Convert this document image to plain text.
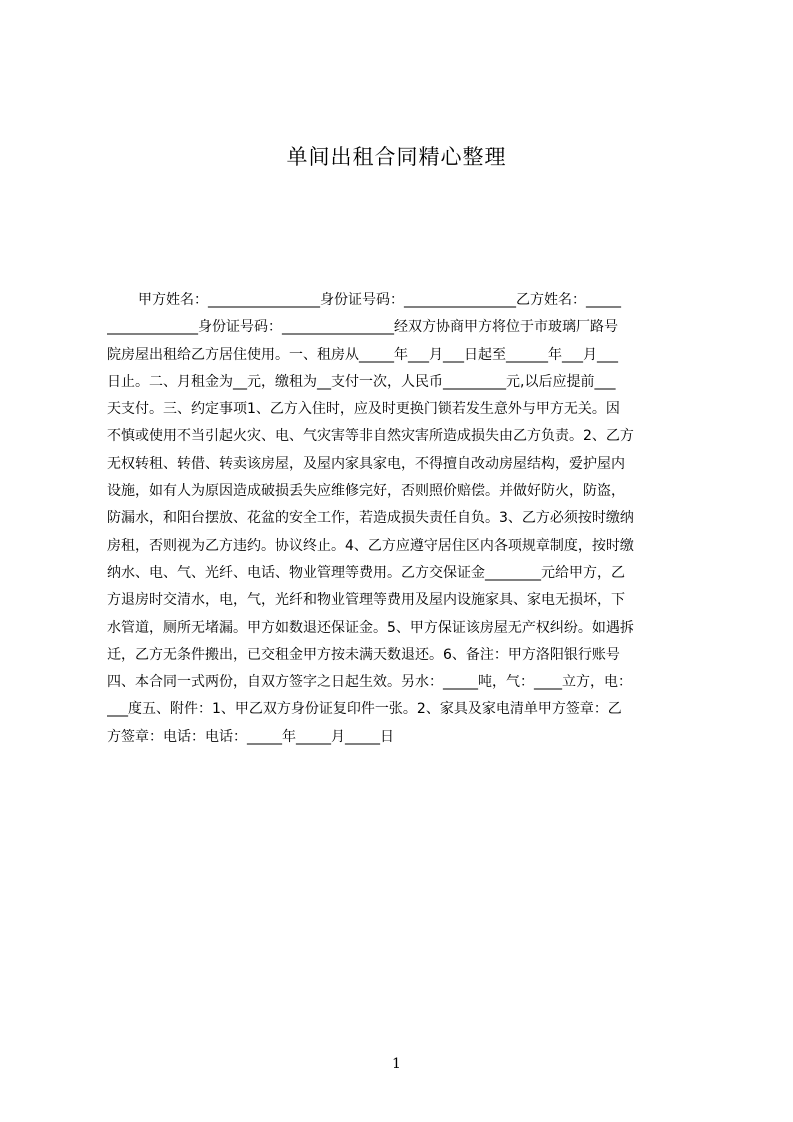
单间出租合同精心整理
甲方姓名：________________身份证号码：________________乙方姓名：_____
_____________身份证号码：________________经双方协商甲方将位于市玻璃厂路号
院房屋出租给乙方居住使用。一、租房从_____年___月___日起至______年___月___
日止。二、月租金为__元，缴租为__支付一次，人民币_________元,以后应提前___
天支付。三、约定事项1、乙方入住时，应及时更换门锁若发生意外与甲方无关。因
不慎或使用不当引起火灾、电、气灾害等非自然灾害所造成损失由乙方负责。2、乙方
无权转租、转借、转卖该房屋，及屋内家具家电，不得擅自改动房屋结构，爱护屋内
设施，如有人为原因造成破损丢失应维修完好，否则照价赔偿。并做好防火，防盗，
防漏水，和阳台摆放、花盆的安全工作，若造成损失责任自负。3、乙方必须按时缴纳
房租，否则视为乙方违约。协议终止。4、乙方应遵守居住区内各项规章制度，按时缴
纳水、电、气、光纤、电话、物业管理等费用。乙方交保证金________元给甲方，乙
方退房时交清水，电，气，光纤和物业管理等费用及屋内设施家具、家电无损坏，下
水管道，厕所无堵漏。甲方如数退还保证金。5、甲方保证该房屋无产权纠纷。如遇拆
迁，乙方无条件搬出，已交租金甲方按未满天数退还。6、备注：甲方洛阳银行账号
四、本合同一式两份，自双方签字之日起生效。另水：_____吨，气：____立方，电：
___度五、附件：1、甲乙双方身份证复印件一张。2、家具及家电清单甲方签章：乙
方签章：电话：电话：_____年_____月_____日
1
